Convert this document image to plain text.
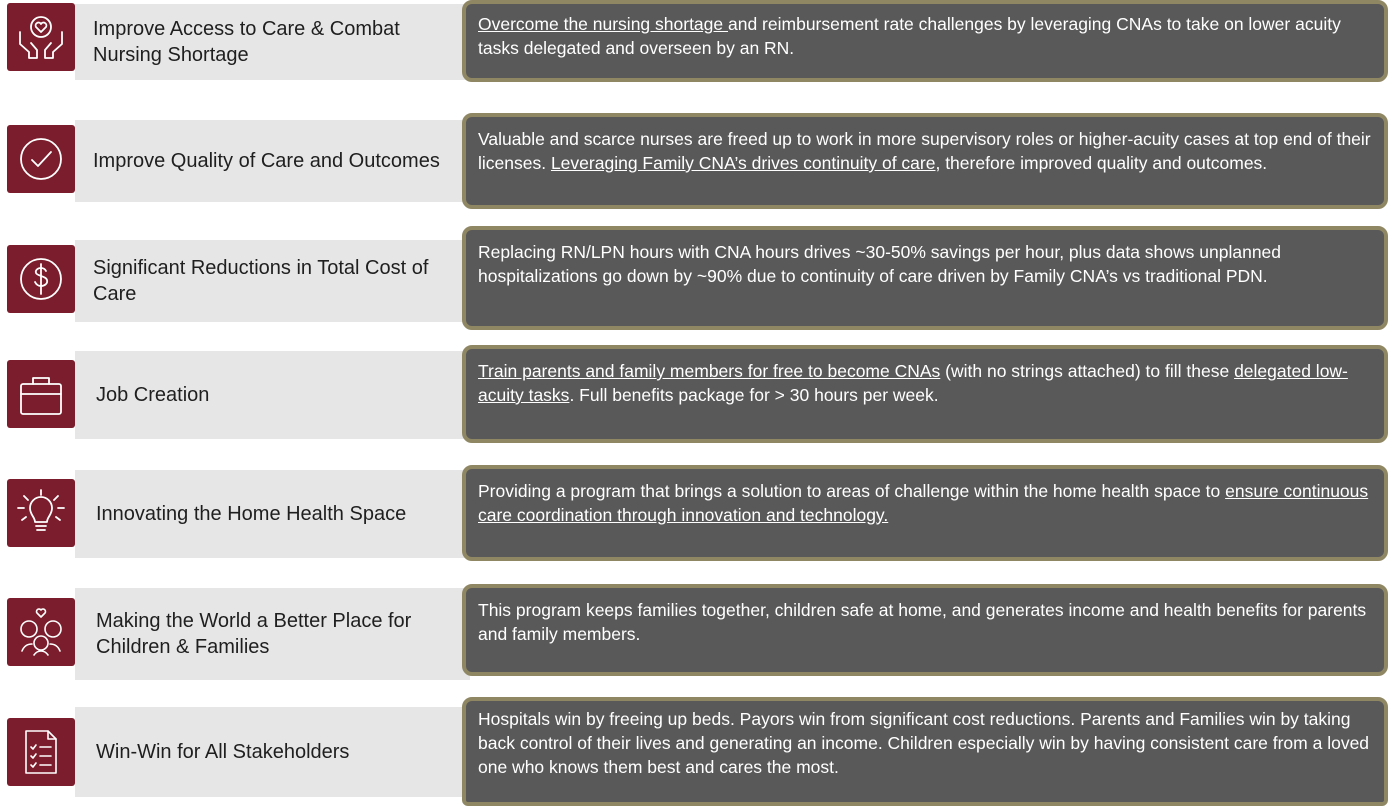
Improve Access to Care & Combat Nursing Shortage
Overcome the nursing shortage and reimbursement rate challenges by leveraging CNAs to take on lower acuity tasks delegated and overseen by an RN.
Improve Quality of Care and Outcomes
Valuable and scarce nurses are freed up to work in more supervisory roles or higher-acuity cases at top end of their licenses. Leveraging Family CNA’s drives continuity of care, therefore improved quality and outcomes.
Significant Reductions in Total Cost of Care
Replacing RN/LPN hours with CNA hours drives ~30-50% savings per hour, plus data shows unplanned hospitalizations go down by ~90% due to continuity of care driven by Family CNA’s vs traditional PDN.
Job Creation
Train parents and family members for free to become CNAs (with no strings attached) to fill these delegated low-acuity tasks. Full benefits package for > 30 hours per week.
Innovating the Home Health Space
Providing a program that brings a solution to areas of challenge within the home health space to ensure continuous care coordination through innovation and technology.
Making the World a Better Place for Children & Families
This program keeps families together, children safe at home, and generates income and health benefits for parents and family members.
Win-Win for All Stakeholders
Hospitals win by freeing up beds. Payors win from significant cost reductions. Parents and Families win by taking back control of their lives and generating an income. Children especially win by having consistent care from a loved one who knows them best and cares the most.
